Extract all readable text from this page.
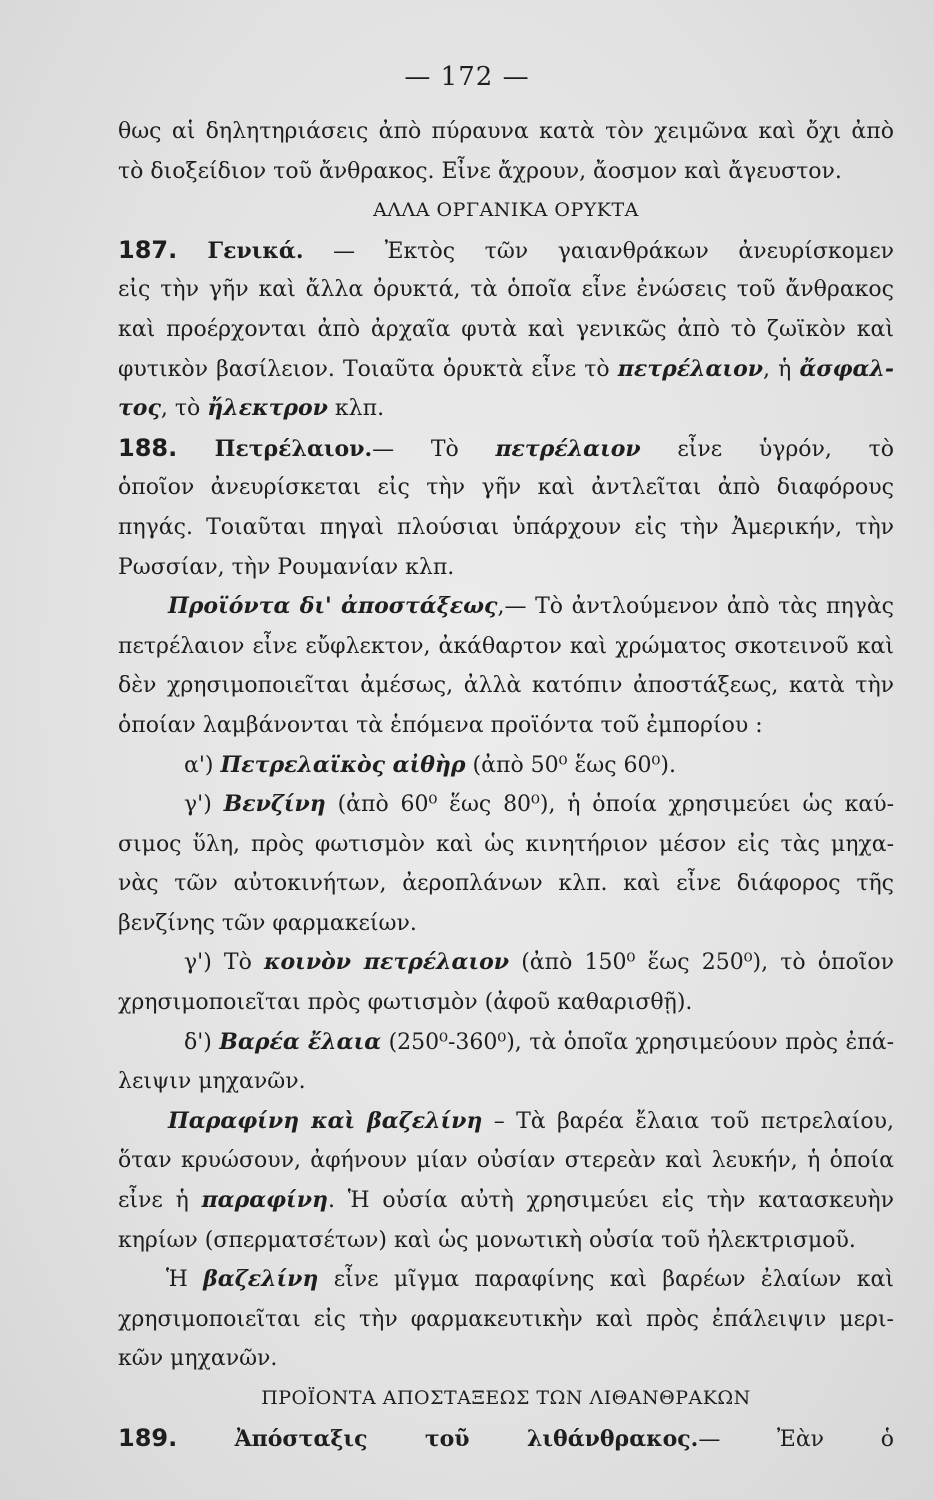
— 172 —
θως αἱ δηλητηριάσεις ἀπὸ πύραυνα κατὰ τὸν χειμῶνα καὶ ὄχι ἀπὸ
τὸ διοξείδιον τοῦ ἄνθρακος. Εἶνε ἄχρουν, ἄοσμον καὶ ἄγευστον.
ΑΛΛΑ ΟΡΓΑΝΙΚΑ ΟΡΥΚΤΑ
187. Γενικά. — Ἐκτὸς τῶν γαιανθράκων ἀνευρίσκομεν
εἰς τὴν γῆν καὶ ἄλλα ὀρυκτά, τὰ ὁποῖα εἶνε ἐνώσεις τοῦ ἄνθρακος
καὶ προέρχονται ἀπὸ ἀρχαῖα φυτὰ καὶ γενικῶς ἀπὸ τὸ ζωϊκὸν καὶ
φυτικὸν βασίλειον. Τοιαῦτα ὀρυκτὰ εἶνε τὸ πετρέλαιον, ἡ ἄσφαλ-
τος, τὸ ἤλεκτρον κλπ.
188. Πετρέλαιον.— Τὸ πετρέλαιον εἶνε ὑγρόν, τὸ
ὁποῖον ἀνευρίσκεται εἰς τὴν γῆν καὶ ἀντλεῖται ἀπὸ διαφόρους
πηγάς. Τοιαῦται πηγαὶ πλούσιαι ὑπάρχουν εἰς τὴν Ἀμερικήν, τὴν
Ρωσσίαν, τὴν Ρουμανίαν κλπ.
Προϊόντα δι' ἀποστάξεως,— Τὸ ἀντλούμενον ἀπὸ τὰς πηγὰς
πετρέλαιον εἶνε εὔφλεκτον, ἀκάθαρτον καὶ χρώματος σκοτεινοῦ καὶ
δὲν χρησιμοποιεῖται ἀμέσως, ἀλλὰ κατόπιν ἀποστάξεως, κατὰ τὴν
ὁποίαν λαμβάνονται τὰ ἑπόμενα προϊόντα τοῦ ἐμπορίου :
α') Πετρελαϊκὸς αἰθὴρ (ἀπὸ 50⁰ ἕως 60⁰).
γ') Βενζίνη (ἀπὸ 60⁰ ἕως 80⁰), ἡ ὁποία χρησιμεύει ὡς καύ-
σιμος ὕλη, πρὸς φωτισμὸν καὶ ὡς κινητήριον μέσον εἰς τὰς μηχα-
νὰς τῶν αὐτοκινήτων, ἀεροπλάνων κλπ. καὶ εἶνε διάφορος τῆς
βενζίνης τῶν φαρμακείων.
γ') Τὸ κοινὸν πετρέλαιον (ἀπὸ 150⁰ ἕως 250⁰), τὸ ὁποῖον
χρησιμοποιεῖται πρὸς φωτισμὸν (ἀφοῦ καθαρισθῇ).
δ') Βαρέα ἔλαια (250⁰-360⁰), τὰ ὁποῖα χρησιμεύουν πρὸς ἐπά-
λειψιν μηχανῶν.
Παραφίνη καὶ βαζελίνη – Τὰ βαρέα ἔλαια τοῦ πετρελαίου,
ὅταν κρυώσουν, ἀφήνουν μίαν οὐσίαν στερεὰν καὶ λευκήν, ἡ ὁποία
εἶνε ἡ παραφίνη. Ἡ οὐσία αὐτὴ χρησιμεύει εἰς τὴν κατασκευὴν
κηρίων (σπερματσέτων) καὶ ὡς μονωτικὴ οὐσία τοῦ ἠλεκτρισμοῦ.
Ἡ βαζελίνη εἶνε μῖγμα παραφίνης καὶ βαρέων ἐλαίων καὶ
χρησιμοποιεῖται εἰς τὴν φαρμακευτικὴν καὶ πρὸς ἐπάλειψιν μερι-
κῶν μηχανῶν.
ΠΡΟΪΟΝΤΑ ΑΠΟΣΤΑΞΕΩΣ ΤΩΝ ΛΙΘΑΝΘΡΑΚΩΝ
189. Ἀπόσταξις τοῦ λιθάνθρακος.— Ἐὰν ὁ
